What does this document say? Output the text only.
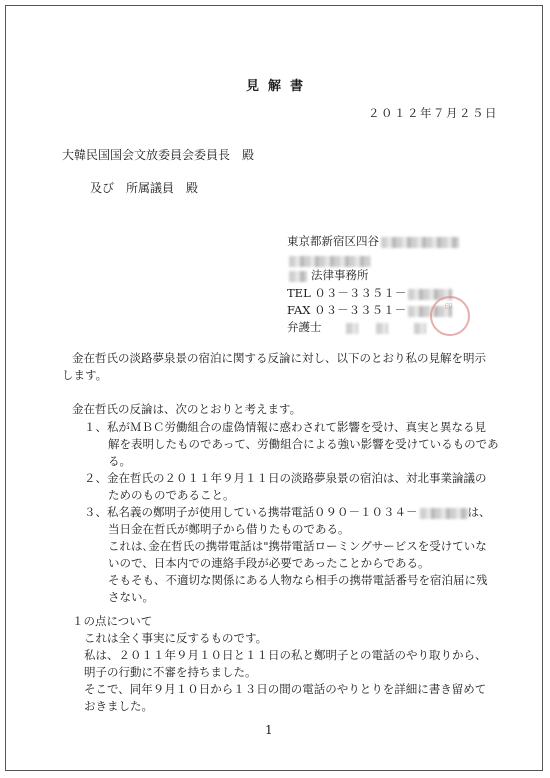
見解書
２０１２年７月２５日
大韓民国国会文放委員会委員長　殿
及び　所属議員　殿
東京都新宿区四谷
法律事務所
TEL ０３－３３５１－
FAX ０３－３３５１－
弁護士
印
金在哲氏の淡路夢泉景の宿泊に関する反論に対し、以下のとおり私の見解を明示
します。
金在哲氏の反論は、次のとおりと考えます。
１、私がＭＢＣ労働組合の虚偽情報に惑わされて影響を受け、真実と異なる見
解を表明したものであって、労働組合による強い影響を受けているものであ
る。
２、金在哲氏の２０１１年９月１１日の淡路夢泉景の宿泊は、対北事業論議の
ためのものであること。
３、私名義の鄭明子が使用している携帯電話０９０－１０３４－	は、
当日金在哲氏が鄭明子から借りたものである。
これは､金在哲氏の携帯電話は"携帯電話ローミングサービスを受けていな
いので、日本内での連絡手段が必要であったことからである。
そもそも、不適切な関係にある人物なら相手の携帯電話番号を宿泊届に残
さない。
１の点について
これは全く事実に反するものです。
私は、２０１１年９月１０日と１１日の私と鄭明子との電話のやり取りから、
明子の行動に不審を持ちました。
そこで、同年９月１０日から１３日の間の電話のやりとりを詳細に書き留めて
おきました。
1
